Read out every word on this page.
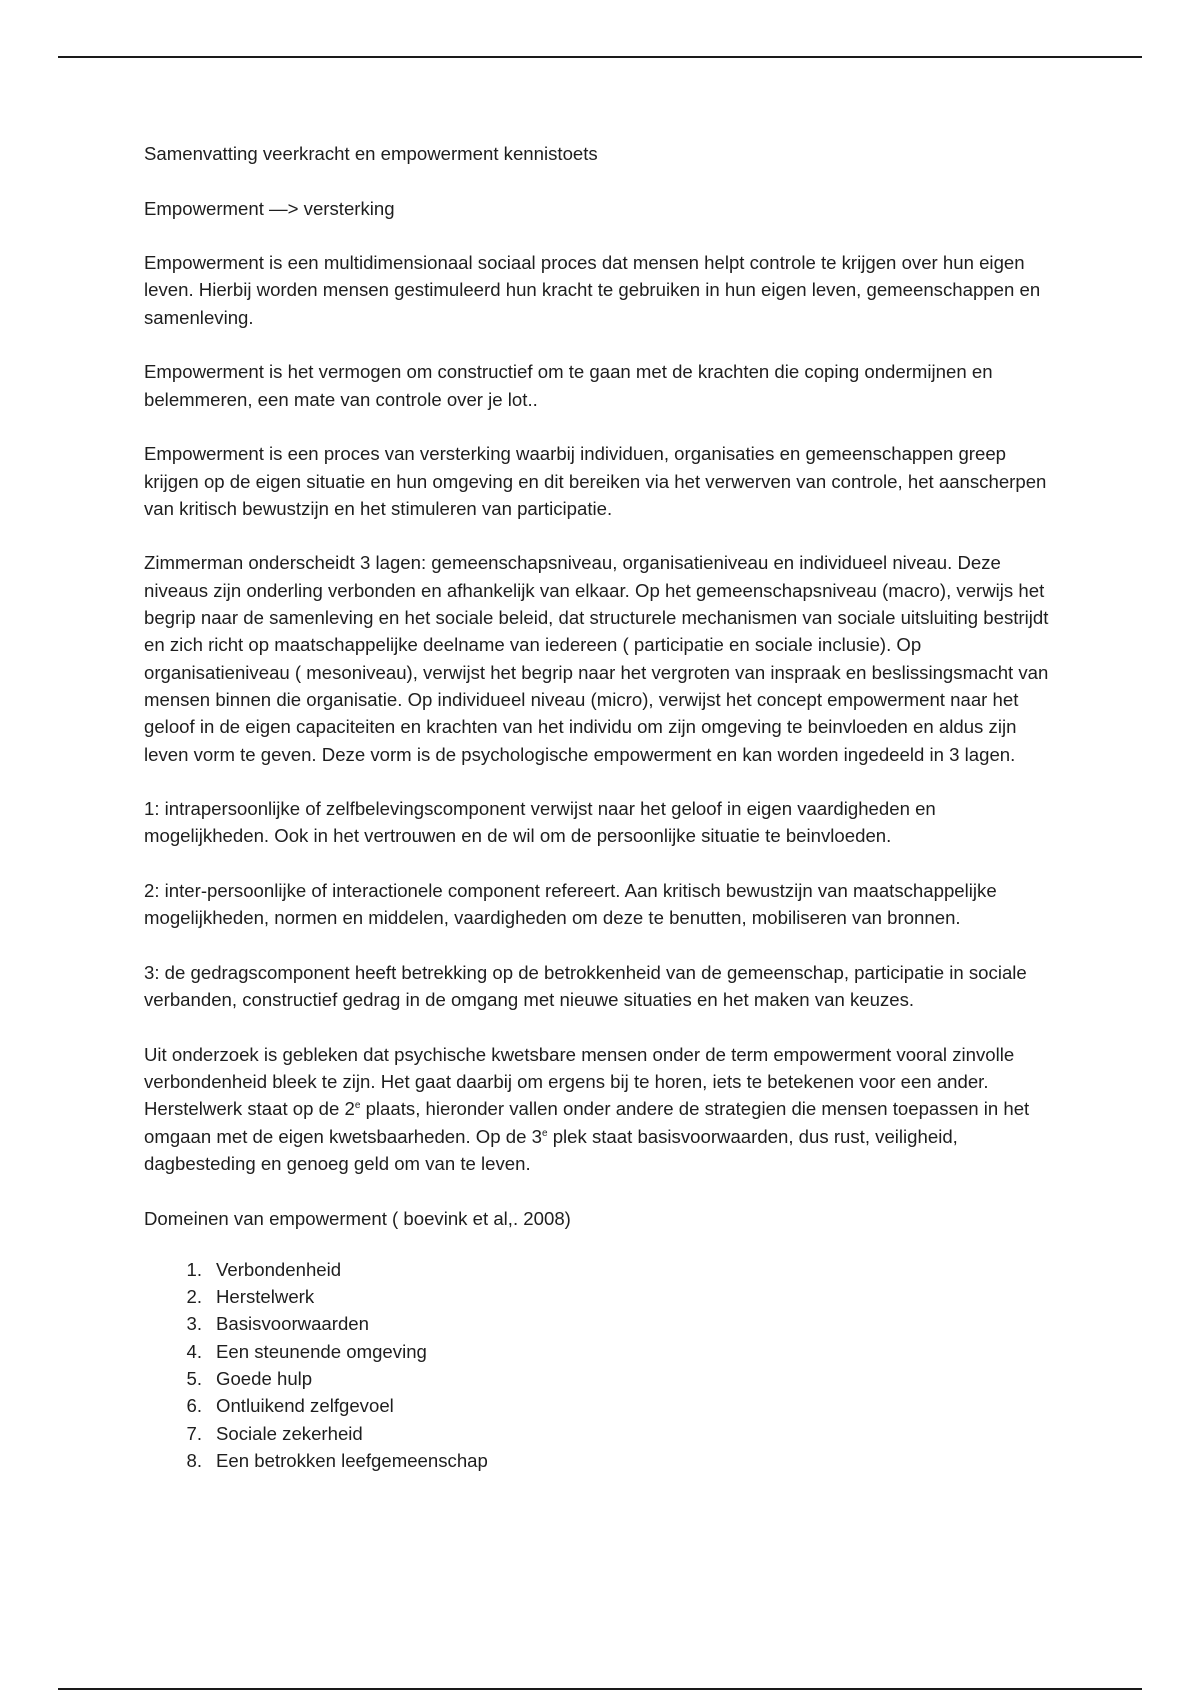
Samenvatting veerkracht en empowerment kennistoets

Empowerment —> versterking

Empowerment is een multidimensionaal sociaal proces dat mensen helpt controle te krijgen over hun eigen leven. Hierbij worden mensen gestimuleerd hun kracht te gebruiken in hun eigen leven, gemeenschappen en samenleving.

Empowerment is het vermogen om constructief om te gaan met de krachten die coping ondermijnen en belemmeren, een mate van controle over je lot..

Empowerment is een proces van versterking waarbij individuen, organisaties en gemeenschappen greep krijgen op de eigen situatie en hun omgeving en dit bereiken via het verwerven van controle, het aanscherpen van kritisch bewustzijn en het stimuleren van participatie.

Zimmerman onderscheidt 3 lagen: gemeenschapsniveau, organisatieniveau en individueel niveau. Deze niveaus zijn onderling verbonden en afhankelijk van elkaar. Op het gemeenschapsniveau (macro), verwijs het begrip naar de samenleving en het sociale beleid, dat structurele mechanismen van sociale uitsluiting bestrijdt en zich richt op maatschappelijke deelname van iedereen ( participatie en sociale inclusie). Op organisatieniveau ( mesoniveau), verwijst het begrip naar het vergroten van inspraak en beslissingsmacht van mensen binnen die organisatie. Op individueel niveau (micro), verwijst het concept empowerment naar het geloof in de eigen capaciteiten en krachten van het individu om zijn omgeving te beinvloeden en aldus zijn leven vorm te geven. Deze vorm is de psychologische empowerment en kan worden ingedeeld in 3 lagen.

1: intrapersoonlijke of zelfbelevingscomponent verwijst naar het geloof in eigen vaardigheden en mogelijkheden. Ook in het vertrouwen en de wil om de persoonlijke situatie te beinvloeden.

2: inter-persoonlijke of interactionele component refereert. Aan kritisch bewustzijn van maatschappelijke mogelijkheden, normen en middelen, vaardigheden om deze te benutten, mobiliseren van bronnen.

3: de gedragscomponent heeft betrekking op de betrokkenheid van de gemeenschap, participatie in sociale verbanden, constructief gedrag in de omgang met nieuwe situaties en het maken van keuzes.

Uit onderzoek is gebleken dat psychische kwetsbare mensen onder de term empowerment vooral zinvolle verbondenheid bleek te zijn. Het gaat daarbij om ergens bij te horen, iets te betekenen voor een ander. Herstelwerk staat op de 2e plaats, hieronder vallen onder andere de strategien die mensen toepassen in het omgaan met de eigen kwetsbaarheden. Op de 3e plek staat basisvoorwaarden, dus rust, veiligheid, dagbesteding en genoeg geld om van te leven.

Domeinen van empowerment ( boevink et al,. 2008)

1. Verbondenheid
2. Herstelwerk
3. Basisvoorwaarden
4. Een steunende omgeving
5. Goede hulp
6. Ontluikend zelfgevoel
7. Sociale zekerheid
8. Een betrokken leefgemeenschap
